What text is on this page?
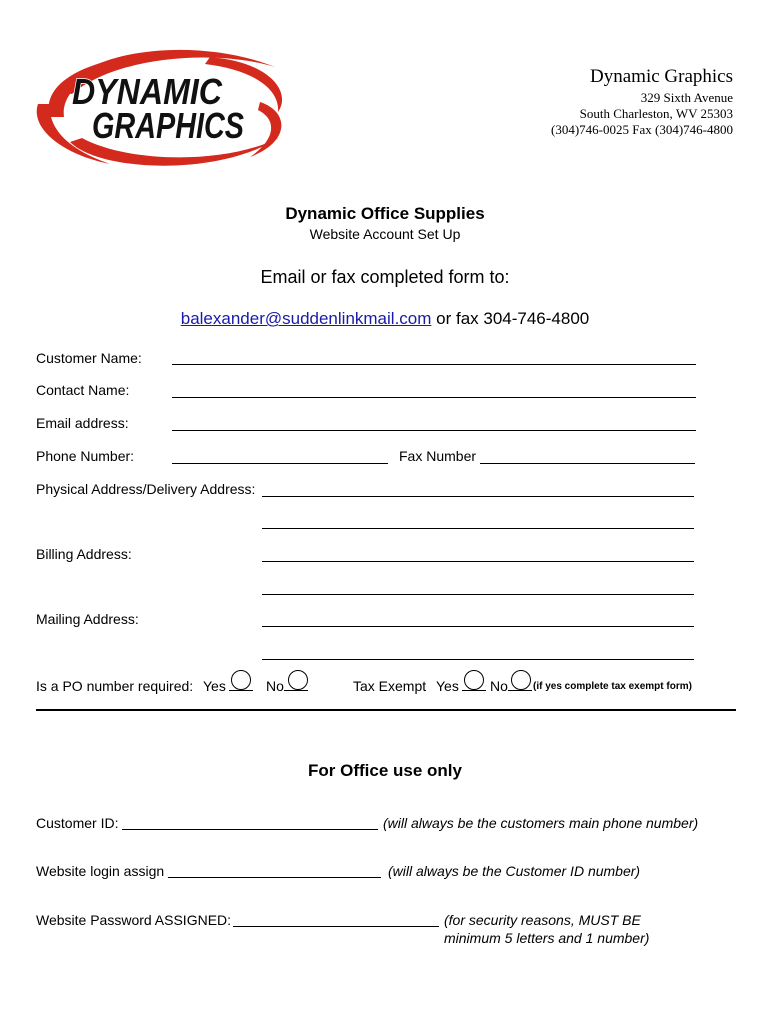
DYNAMIC
GRAPHICS
Dynamic Graphics
329 Sixth Avenue
South Charleston, WV 25303
(304)746-0025 Fax (304)746-4800
Dynamic Office Supplies
Website Account Set Up
Email or fax completed form to:
balexander@suddenlinkmail.com or fax 304-746-4800
Customer Name:
Contact Name:
Email address:
Phone Number:	Fax Number
Physical Address/Delivery Address:
Billing Address:
Mailing Address:
Is a PO number required: Yes	No	Tax Exempt Yes No	(if yes complete tax exempt form)
For Office use only
Customer ID:	(will always be the customers main phone number)
Website login assign	(will always be the Customer ID number)
Website Password ASSIGNED:	(for security reasons, MUST BE
minimum 5 letters and 1 number)
